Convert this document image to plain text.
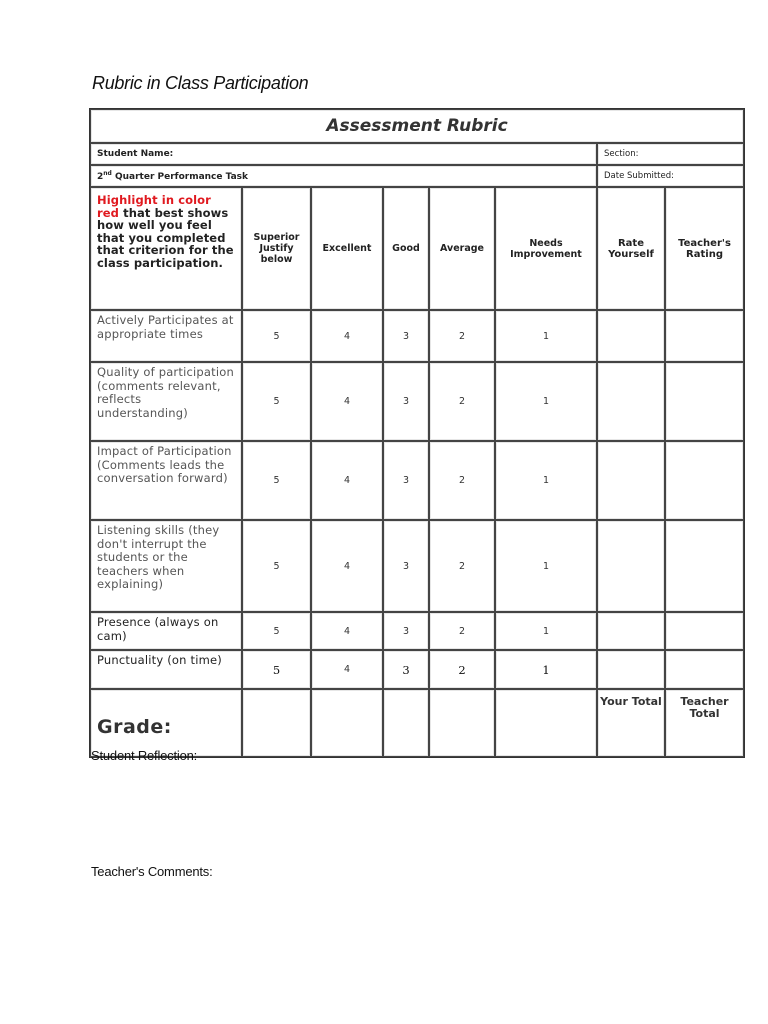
Rubric in Class Participation
Assessment Rubric							
Student Name:						Section:	
2nd Quarter Performance Task						Date Submitted:	
Highlight in color red that best shows how well you feel that you completed that criterion for the class participation.	Superior Justify below	Excellent	Good	Average	Needs Improvement	Rate Yourself	Teacher's Rating
Actively Participates at appropriate times	5	4	3	2	1		
Quality of participation (comments relevant, reflects understanding)	5	4	3	2	1		
Impact of Participation (Comments leads the conversation forward)	5	4	3	2	1		
Listening skills (they don't interrupt the students or the teachers when explaining)	5	4	3	2	1		
Presence (always on cam)	5	4	3	2	1		
Punctuality (on time)	5	4	3	2	1		
Grade:						Your Total	Teacher Total
Student Reflection:
Teacher's Comments:
